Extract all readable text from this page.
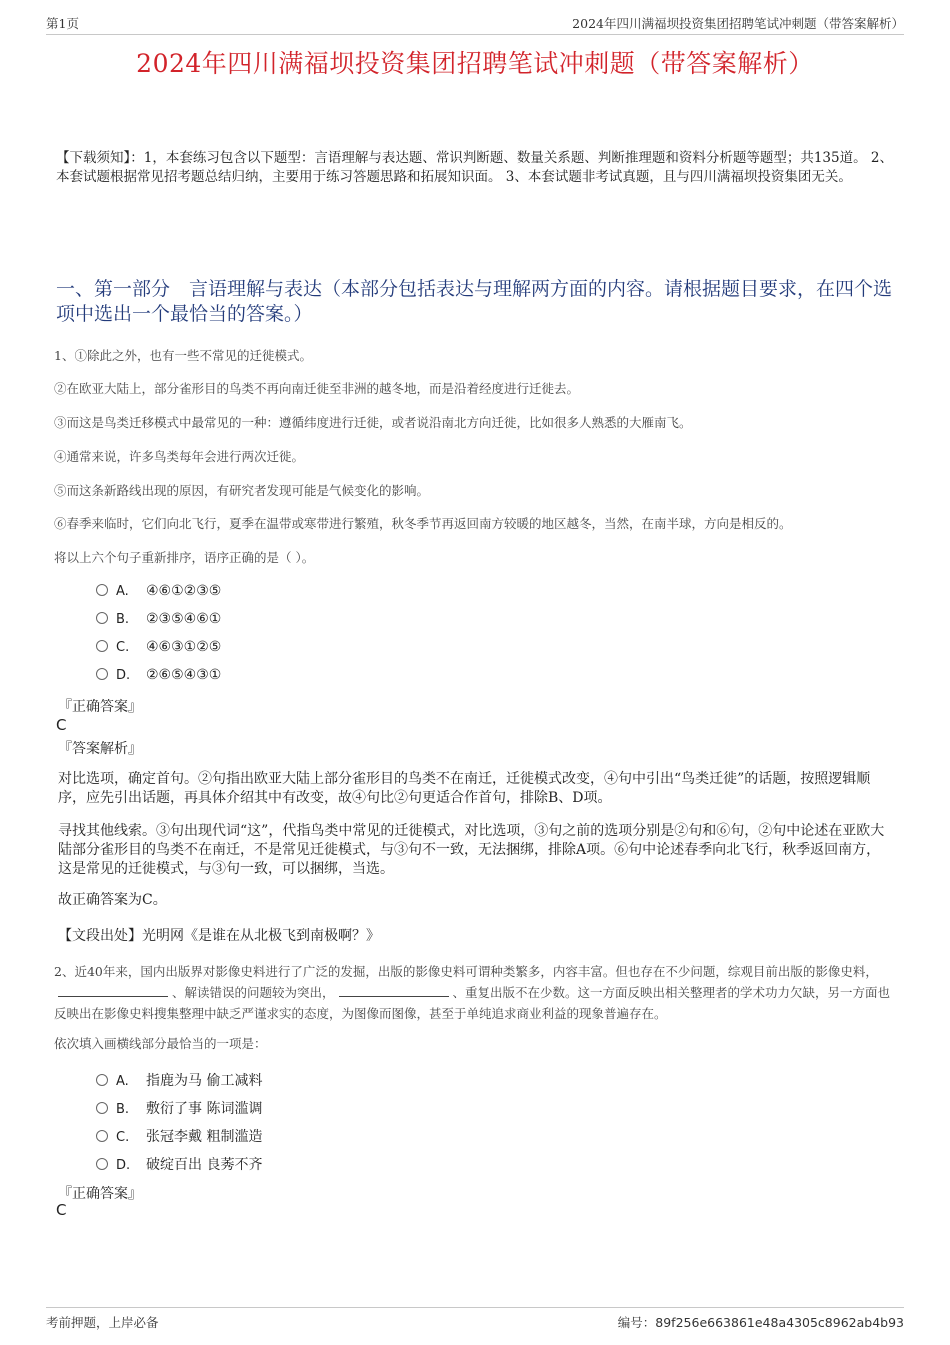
第1页	2024年四川满福坝投资集团招聘笔试冲刺题（带答案解析）
2024年四川满福坝投资集团招聘笔试冲刺题（带答案解析）
【下载须知】：1，本套练习包含以下题型：言语理解与表达题、常识判断题、数量关系题、判断推理题和资料分析题等题型；共135道。 2、本套试题根据常见招考题总结归纳，主要用于练习答题思路和拓展知识面。 3、本套试题非考试真题，且与四川满福坝投资集团无关。
一、第一部分　言语理解与表达（本部分包括表达与理解两方面的内容。请根据题目要求，在四个选项中选出一个最恰当的答案。）
1、①除此之外，也有一些不常见的迁徙模式。
②在欧亚大陆上，部分雀形目的鸟类不再向南迁徙至非洲的越冬地，而是沿着经度进行迁徙去。
③而这是鸟类迁移模式中最常见的一种：遵循纬度进行迁徙，或者说沿南北方向迁徙，比如很多人熟悉的大雁南飞。
④通常来说，许多鸟类每年会进行两次迁徙。
⑤而这条新路线出现的原因，有研究者发现可能是气候变化的影响。
⑥春季来临时，它们向北飞行，夏季在温带或寒带进行繁殖，秋冬季节再返回南方较暖的地区越冬，当然，在南半球，方向是相反的。
将以上六个句子重新排序，语序正确的是（ ）。
A. ④⑥①②③⑤
B. ②③⑤④⑥①
C. ④⑥③①②⑤
D. ②⑥⑤④③①
『正确答案』
C
『答案解析』
对比选项，确定首句。②句指出欧亚大陆上部分雀形目的鸟类不在南迁，迁徙模式改变，④句中引出“鸟类迁徙”的话题，按照逻辑顺序，应先引出话题，再具体介绍其中有改变，故④句比②句更适合作首句，排除B、D项。
寻找其他线索。③句出现代词“这”，代指鸟类中常见的迁徙模式，对比选项，③句之前的选项分别是②句和⑥句，②句中论述在亚欧大陆部分雀形目的鸟类不在南迁，不是常见迁徙模式，与③句不一致，无法捆绑，排除A项。⑥句中论述春季向北飞行，秋季返回南方，这是常见的迁徙模式，与③句一致，可以捆绑，当选。
故正确答案为C。
【文段出处】光明网《是谁在从北极飞到南极啊？》
2、近40年来，国内出版界对影像史料进行了广泛的发掘，出版的影像史料可谓种类繁多，内容丰富。但也存在不少问题，综观目前出版的影像史料，、解读错误的问题较为突出，	、重复出版不在少数。这一方面反映出相关整理者的学术功力欠缺，另一方面也反映出在影像史料搜集整理中缺乏严谨求实的态度，为图像而图像，甚至于单纯追求商业利益的现象普遍存在。
依次填入画横线部分最恰当的一项是：
A. 指鹿为马 偷工减料
B. 敷衍了事 陈词滥调
C. 张冠李戴 粗制滥造
D. 破绽百出 良莠不齐
『正确答案』
C
考前押题，上岸必备	编号：89f256e663861e48a4305c8962ab4b93
